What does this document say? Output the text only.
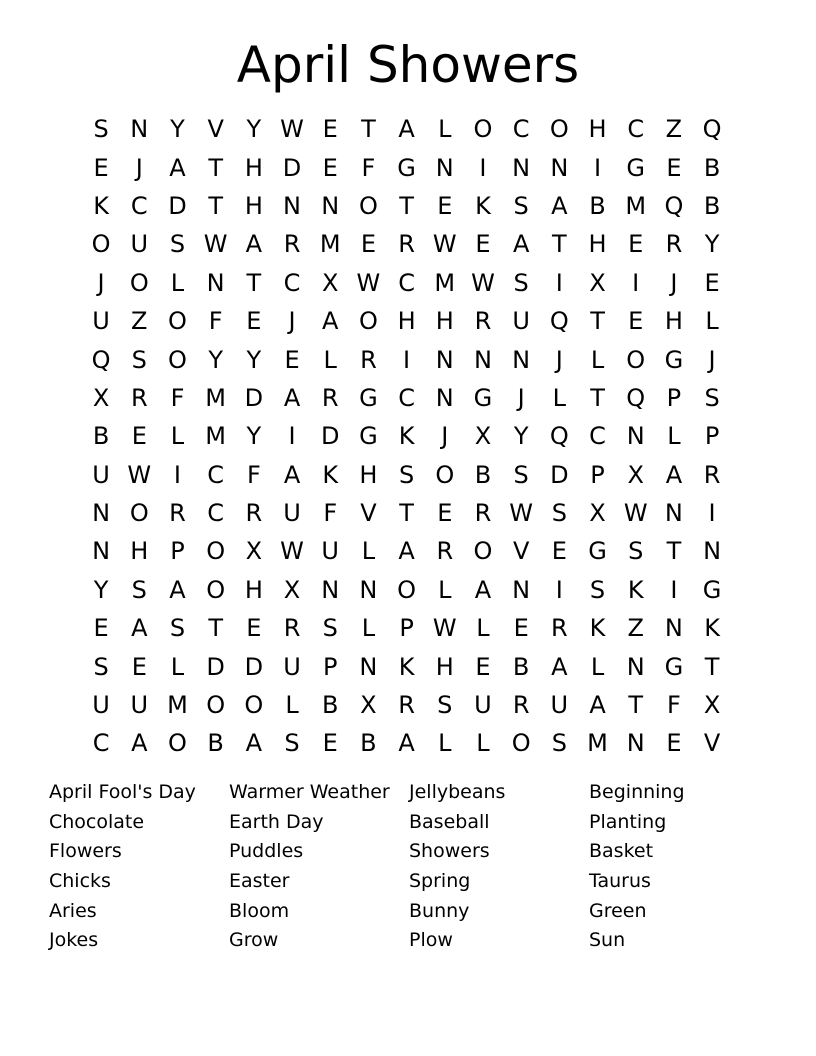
April Showers
S N Y V Y W E T A L O C O H C Z Q
E	J	A T H D E F G N	I	N N	I	G E B
K C D T H N N O T E K S A B M Q B
O U S W A R M E R W E A T H E R Y
J	O L N T C X W C M W S	I	X	I	J	E
U Z O F E	J	A O H H R U Q T E H L
Q S O Y Y E L R	I	N N N	J	L O G	J
X R F M D A R G C N G	J	L	T Q P S
B E L M Y	I	D G K	J	X Y Q C N L	P
U W I	C F A K H S O B S D P X A R
N O R C R U F V T E R W S X W N	I
N H P O X W U L A R O V E G S T N
Y S A O H X N N O L A N	I	S K	I	G
E A S T E R S L	P W L E R K Z N K
S E L D D U P N K H E B A L N G T
U U M O O L B X R S U R U A T F X
C A O B A S E B A L	L O S M N E V
April Fool's Day
Chocolate
Flowers
Chicks
Aries
Jokes
Warmer Weather
Earth Day
Puddles
Easter
Bloom
Grow
Jellybeans
Baseball
Showers
Spring
Bunny
Plow
Beginning
Planting
Basket
Taurus
Green
Sun
